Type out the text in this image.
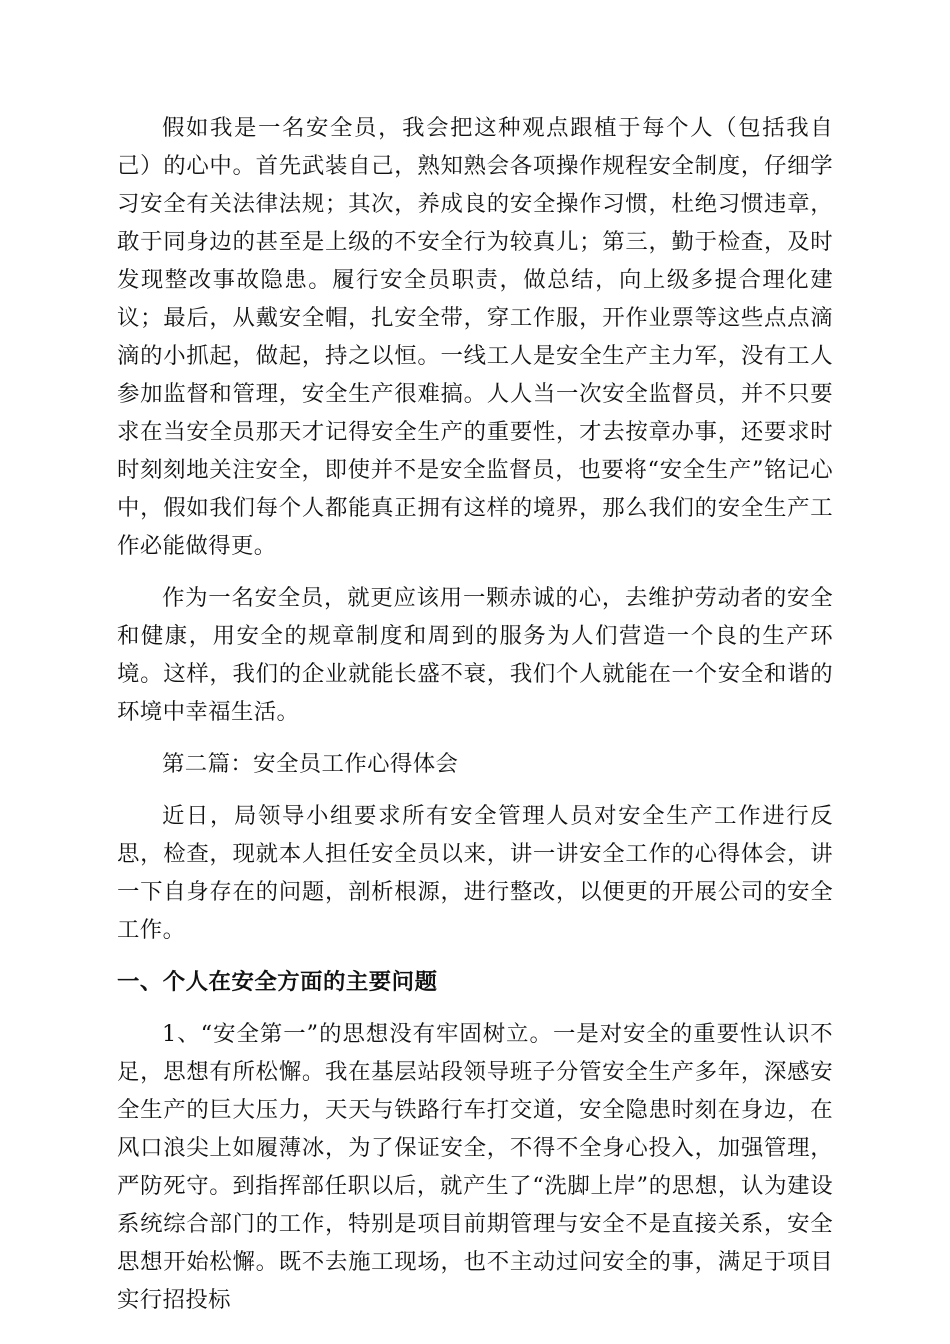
假如我是一名安全员，我会把这种观点跟植于每个人（包括我自己）的心中。首先武装自己，熟知熟会各项操作规程安全制度，仔细学习安全有关法律法规；其次，养成良的安全操作习惯，杜绝习惯违章，敢于同身边的甚至是上级的不安全行为较真儿；第三，勤于检查，及时发现整改事故隐患。履行安全员职责，做总结，向上级多提合理化建议；最后，从戴安全帽，扎安全带，穿工作服，开作业票等这些点点滴滴的小抓起，做起，持之以恒。一线工人是安全生产主力军，没有工人参加监督和管理，安全生产很难搞。人人当一次安全监督员，并不只要求在当安全员那天才记得安全生产的重要性，才去按章办事，还要求时时刻刻地关注安全，即使并不是安全监督员，也要将“安全生产”铭记心中，假如我们每个人都能真正拥有这样的境界，那么我们的安全生产工作必能做得更。

作为一名安全员，就更应该用一颗赤诚的心，去维护劳动者的安全和健康，用安全的规章制度和周到的服务为人们营造一个良的生产环境。这样，我们的企业就能长盛不衰，我们个人就能在一个安全和谐的环境中幸福生活。

第二篇：安全员工作心得体会

近日，局领导小组要求所有安全管理人员对安全生产工作进行反思，检查，现就本人担任安全员以来，讲一讲安全工作的心得体会，讲一下自身存在的问题，剖析根源，进行整改，以便更的开展公司的安全工作。

一、个人在安全方面的主要问题

1、“安全第一”的思想没有牢固树立。一是对安全的重要性认识不足，思想有所松懈。我在基层站段领导班子分管安全生产多年，深感安全生产的巨大压力，天天与铁路行车打交道，安全隐患时刻在身边，在风口浪尖上如履薄冰，为了保证安全，不得不全身心投入，加强管理，严防死守。到指挥部任职以后，就产生了“洗脚上岸”的思想，认为建设系统综合部门的工作，特别是项目前期管理与安全不是直接关系，安全思想开始松懈。既不去施工现场，也不主动过问安全的事，满足于项目实行招投标
